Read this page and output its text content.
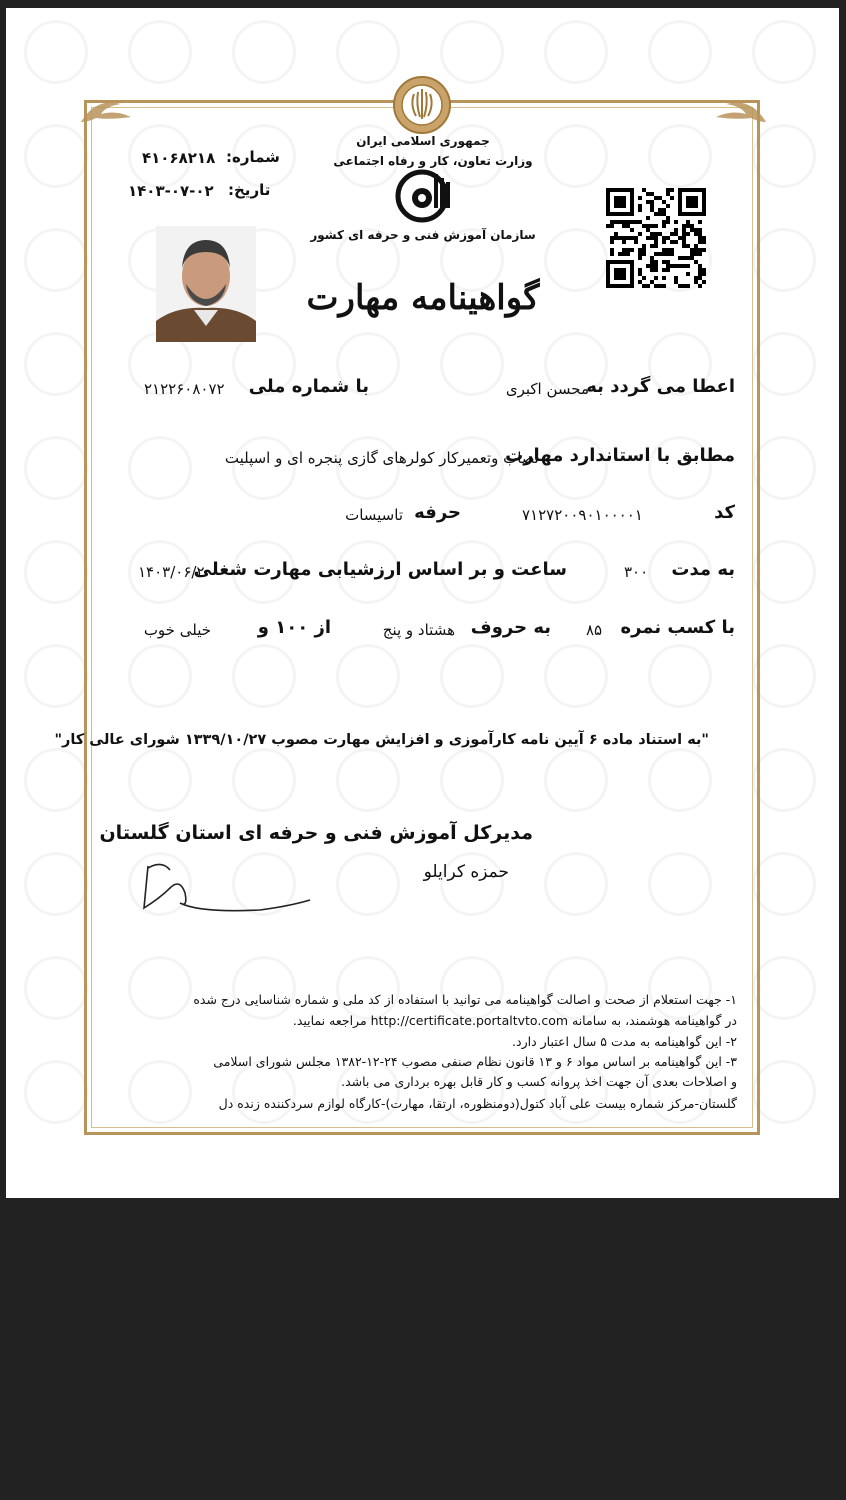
جمهوری اسلامی ایران
وزارت تعاون، کار و رفاه اجتماعی
سازمان آموزش فنی و حرفه ای کشور
شماره:
۴۱۰۶۸۲۱۸
تاریخ:
۱۴۰۳-۰۷-۰۲
گواهینامه مهارت
اعطا می گردد به
محسن اکبری
با شماره ملی
۲۱۲۲۶۰۸۰۷۲
مطابق با استاندارد مهارت
نصاب وتعمیرکار کولرهای گازی پنجره ای و اسپلیت
کد
۷۱۲۷۲۰۰۹۰۱۰۰۰۰۱
حرفه
تاسیسات
به مدت
۳۰۰
ساعت و بر اساس ارزشیابی مهارت شغلی
۱۴۰۳/۰۶/۲
با کسب نمره
۸۵
به حروف
هشتاد و پنج
از ۱۰۰ و
خیلی خوب
"به استناد ماده ۶ آیین نامه کارآموزی و افزایش مهارت مصوب ۱۳۳۹/۱۰/۲۷ شورای عالی کار"
مدیرکل آموزش فنی و حرفه ای استان گلستان
حمزه کرایلو
۱- جهت استعلام از صحت و اصالت گواهینامه می توانید با استفاده از کد ملی و شماره شناسایی درج شده
در گواهینامه هوشمند، به سامانه http://certificate.portaltvto.com مراجعه نمایید.
۲- این گواهینامه به مدت ۵ سال اعتبار دارد.
۳- این گواهینامه بر اساس مواد ۶ و ۱۳ قانون نظام صنفی مصوب ۲۴-۱۲-۱۳۸۲ مجلس شورای اسلامی
و اصلاحات بعدی آن جهت اخذ پروانه کسب و کار قابل بهره برداری می باشد.
گلستان-مرکز شماره بیست علی آباد کتول(دومنظوره، ارتقا، مهارت)-کارگاه لوازم سردکننده زنده دل
